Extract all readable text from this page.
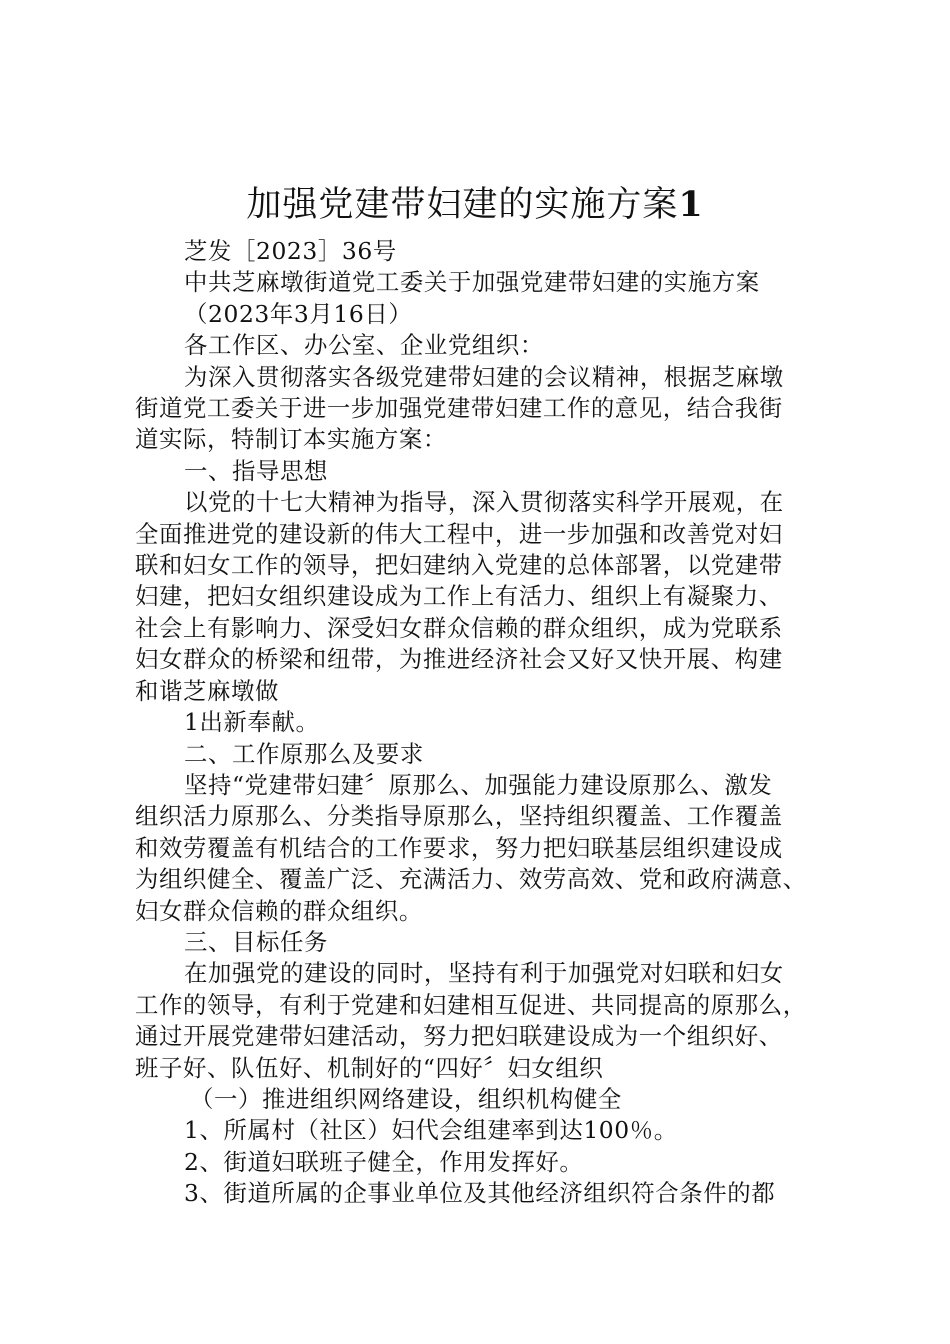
加强党建带妇建的实施方案1

芝发［2023］36号

中共芝麻墩街道党工委关于加强党建带妇建的实施方案

（2023年3月16日）

各工作区、办公室、企业党组织：

为深入贯彻落实各级党建带妇建的会议精神，根据芝麻墩

街道党工委关于进一步加强党建带妇建工作的意见，结合我街

道实际，特制订本实施方案：

一、指导思想

以党的十七大精神为指导，深入贯彻落实科学开展观，在

全面推进党的建设新的伟大工程中，进一步加强和改善党对妇

联和妇女工作的领导，把妇建纳入党建的总体部署，以党建带

妇建，把妇女组织建设成为工作上有活力、组织上有凝聚力、

社会上有影响力、深受妇女群众信赖的群众组织，成为党联系

妇女群众的桥梁和纽带，为推进经济社会又好又快开展、构建

和谐芝麻墩做

1出新奉献。

二、工作原那么及要求

坚持“党建带妇建〞原那么、加强能力建设原那么、激发

组织活力原那么、分类指导原那么，坚持组织覆盖、工作覆盖

和效劳覆盖有机结合的工作要求，努力把妇联基层组织建设成

为组织健全、覆盖广泛、充满活力、效劳高效、党和政府满意、

妇女群众信赖的群众组织。

三、目标任务

在加强党的建设的同时，坚持有利于加强党对妇联和妇女

工作的领导，有利于党建和妇建相互促进、共同提高的原那么，

通过开展党建带妇建活动，努力把妇联建设成为一个组织好、

班子好、队伍好、机制好的“四好〞妇女组织

（一）推进组织网络建设，组织机构健全

1、所属村（社区）妇代会组建率到达100％。

2、街道妇联班子健全，作用发挥好。

3、街道所属的企事业单位及其他经济组织符合条件的都
